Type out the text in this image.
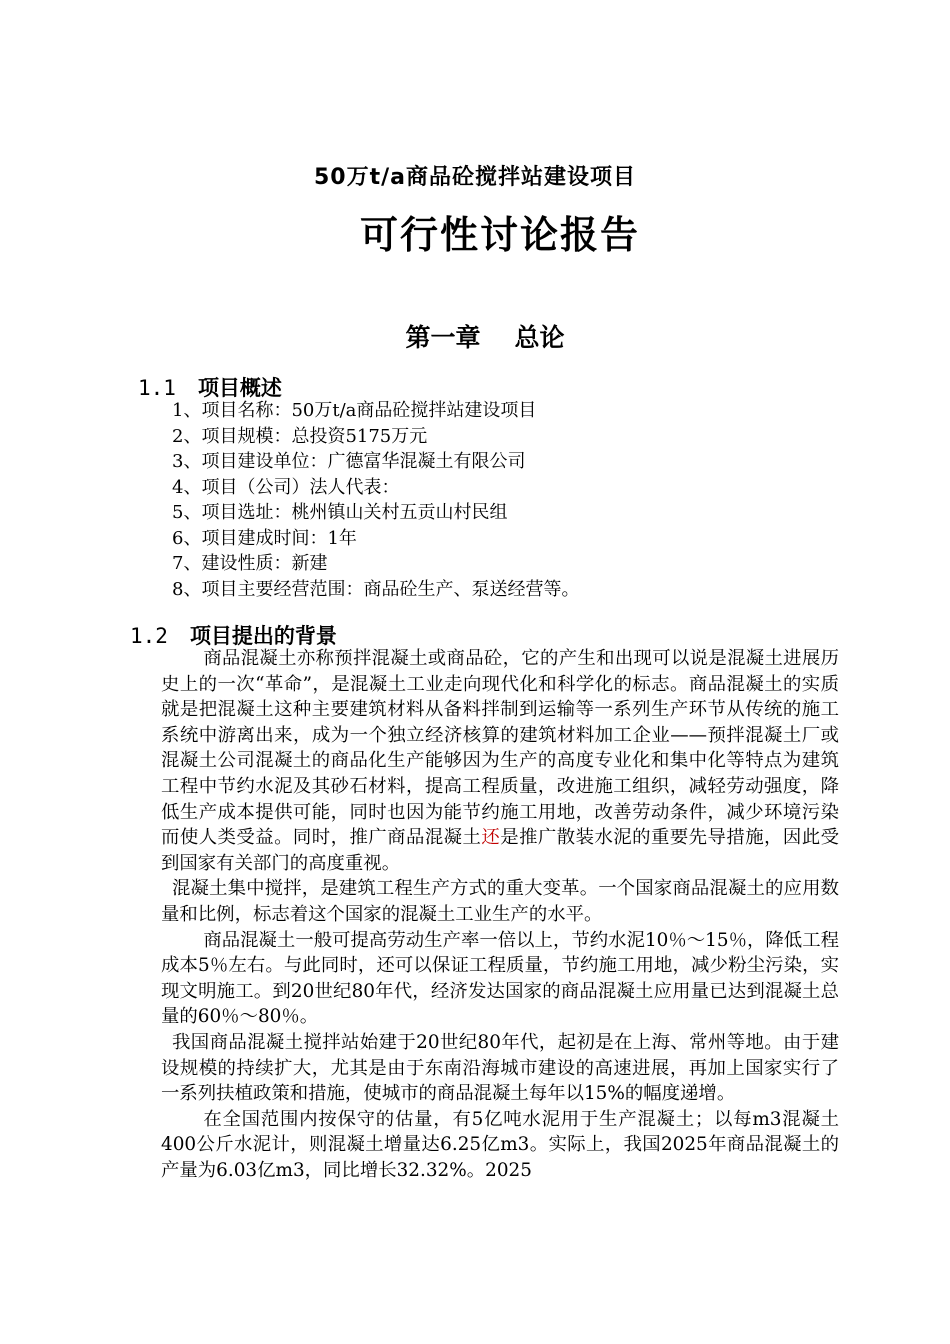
50万t/a商品砼搅拌站建设项目
可行性讨论报告
第一章 总论
1.1 项目概述
1、项目名称：50万t/a商品砼搅拌站建设项目
2、项目规模：总投资5175万元
3、项目建设单位：广德富华混凝土有限公司
4、项目（公司）法人代表：
5、项目选址：桃州镇山关村五贡山村民组
6、项目建成时间：1年
7、建设性质：新建
8、项目主要经营范围：商品砼生产、泵送经营等。
1.2 项目提出的背景

商品混凝土亦称预拌混凝土或商品砼，它的产生和出现可以说是混凝土进展历史上的一次“革命”，是混凝土工业走向现代化和科学化的标志。商品混凝土的实质就是把混凝土这种主要建筑材料从备料拌制到运输等一系列生产环节从传统的施工系统中游离出来，成为一个独立经济核算的建筑材料加工企业——预拌混凝土厂或混凝土公司混凝土的商品化生产能够因为生产的高度专业化和集中化等特点为建筑工程中节约水泥及其砂石材料，提高工程质量，改进施工组织，减轻劳动强度，降低生产成本提供可能，同时也因为能节约施工用地，改善劳动条件，减少环境污染而使人类受益。同时，推广商品混凝土还是推广散装水泥的重要先导措施，因此受到国家有关部门的高度重视。

混凝土集中搅拌，是建筑工程生产方式的重大变革。一个国家商品混凝土的应用数量和比例，标志着这个国家的混凝土工业生产的水平。

商品混凝土一般可提高劳动生产率一倍以上，节约水泥10％～15％，降低工程成本5％左右。与此同时，还可以保证工程质量，节约施工用地，减少粉尘污染，实现文明施工。到20世纪80年代，经济发达国家的商品混凝土应用量已达到混凝土总量的60％～80％。

我国商品混凝土搅拌站始建于20世纪80年代，起初是在上海、常州等地。由于建设规模的持续扩大，尤其是由于东南沿海城市建设的高速进展，再加上国家实行了一系列扶植政策和措施，使城市的商品混凝土每年以15%的幅度递增。

在全国范围内按保守的估量，有5亿吨水泥用于生产混凝土；以每m3混凝土400公斤水泥计，则混凝土增量达6.25亿m3。实际上，我国2025年商品混凝土的产量为6.03亿m3，同比增长32.32%。2025
